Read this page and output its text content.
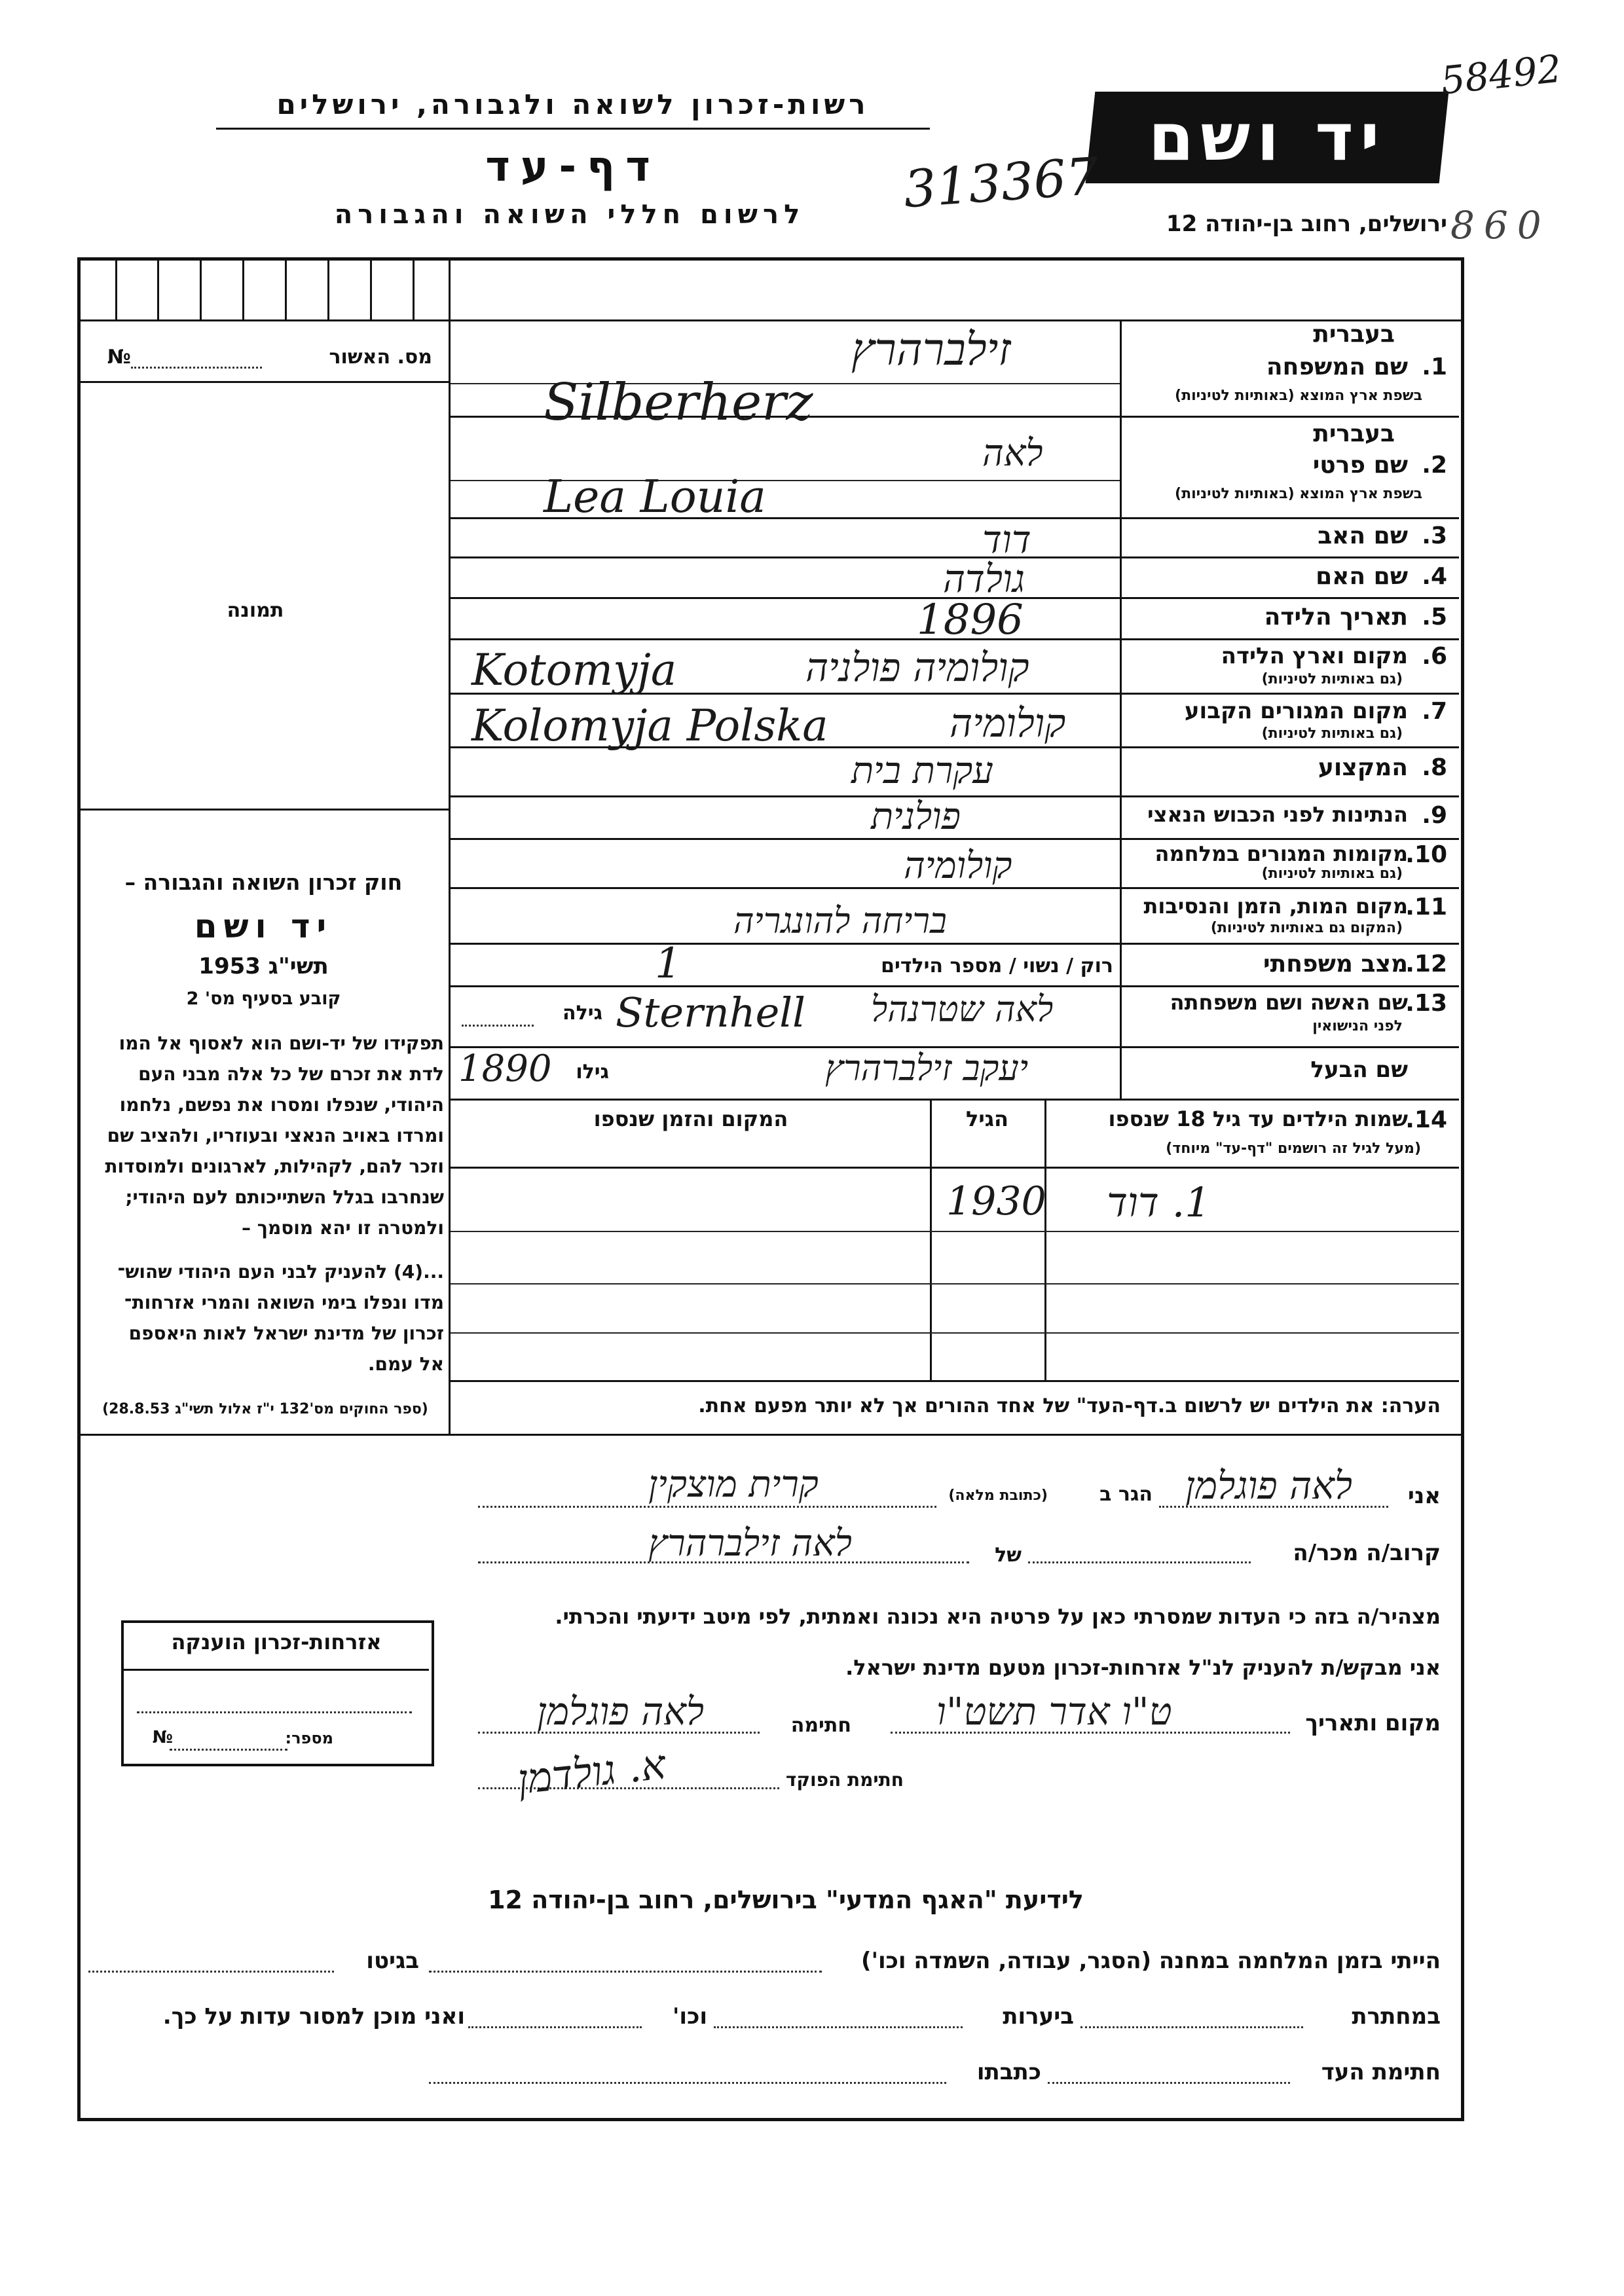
רשות-זכרון לשואה ולגבורה, ירושלים
דף-עד
לרשום חללי השואה והגבורה
יד ושם
ירושלים, רחוב בן-יהודה 12
313367
58492
860
מס. האשור
№
תמונה
חוק זכרון השואה והגבורה –
יד ושם
תשי"ג 1953
קובע בסעיף מס' 2
תפקידו של יד-ושם הוא לאסוף אל המו
לדת את זכרם של כל אלה מבני העם
היהודי, שנפלו ומסרו את נפשם, נלחמו
ומרדו באויב הנאצי ובעוזריו, ולהציב שם
וזכר להם, לקהילות, לארגונים ולמוסדות
שנחרבו בגלל השתייכותם לעם היהודי;
ולמטרה זו יהא מוסמך –
...(4) להעניק לבני העם היהודי שהוש־
מדו ונפלו בימי השואה והמרי אזרחות־
זכרון של מדינת ישראל לאות היאספם
אל עמם.
(ספר החוקים מס'132 י"ז אלול תשי"ג 28.8.53)
בעברית
שם המשפחה 1.
בשפת ארץ המוצא (באותיות לטיניות)
זילברהרץ
Silberherz
בעברית
שם פרטי 2.
בשפת ארץ המוצא (באותיות לטיניות)
לאה
Lea Louia
שם האב 3.
דוד
שם האם 4.
גולדה
תאריך הלידה 5.
1896
מקום וארץ הלידה 6.
(גם באותיות לטיניות)
Kotomyja	קולומיה פולניה
מקום המגורים הקבוע 7.
(גם באותיות לטיניות)
Kolomyja Polska	קולומיה
המקצוע 8.
עקרת בית
הנתינות לפני הכבוש הנאצי 9.
פולנית
מקומות המגורים במלחמה
10.
(גם באותיות לטיניות)
קולומיה
מקום המות, הזמן והנסיבות
11.
(המקום גם באותיות לטיניות)
בריחה להונגריה
מצב משפחתי
12.
רוק / נשוי / מספר הילדים
1
שם האשה ושם משפחתה
13.
לפני הנישואין
לאה שטרנהל
Sternhell
גילה
שם הבעל
יעקב זילברהרץ
גילו
1890
שמות הילדים עד גיל 18 שנספו
14.
(מעל לגיל זה רושמים "דף-עד" מיוחד)
הגיל
המקום והזמן שנספו
1. דוד
1930
הערה: את הילדים יש לרשום ב.דף-העד" של אחד ההורים אך לא יותר מפעם אחת.
אני
לאה פוגלמן
הגר ב
(כתובת מלאה)
קרית מוצקין
קרוב/ה מכר/ה
של
לאה זילברהרץ
מצהיר/ה בזה כי העדות שמסרתי כאן על פרטיה היא נכונה ואמתית, לפי מיטב ידיעתי והכרתי.
אני מבקש/ת להעניק לנ"ל אזרחות-זכרון מטעם מדינת ישראל.
מקום ותאריך
ט"ו אדר תשט"ו
חתימה
לאה פוגלמן
חתימת הפוקד
א. גולדמן
אזרחות-זכרון הוענקה
מספר:
№
לידיעת "האגף המדעי" בירושלים, רחוב בן-יהודה 12
הייתי בזמן המלחמה במחנה (הסגר, עבודה, השמדה וכו')
בגיטו
במחתרת
ביערות
וכו'
ואני מוכן למסור עדות על כך.
חתימת העד
כתבתו
